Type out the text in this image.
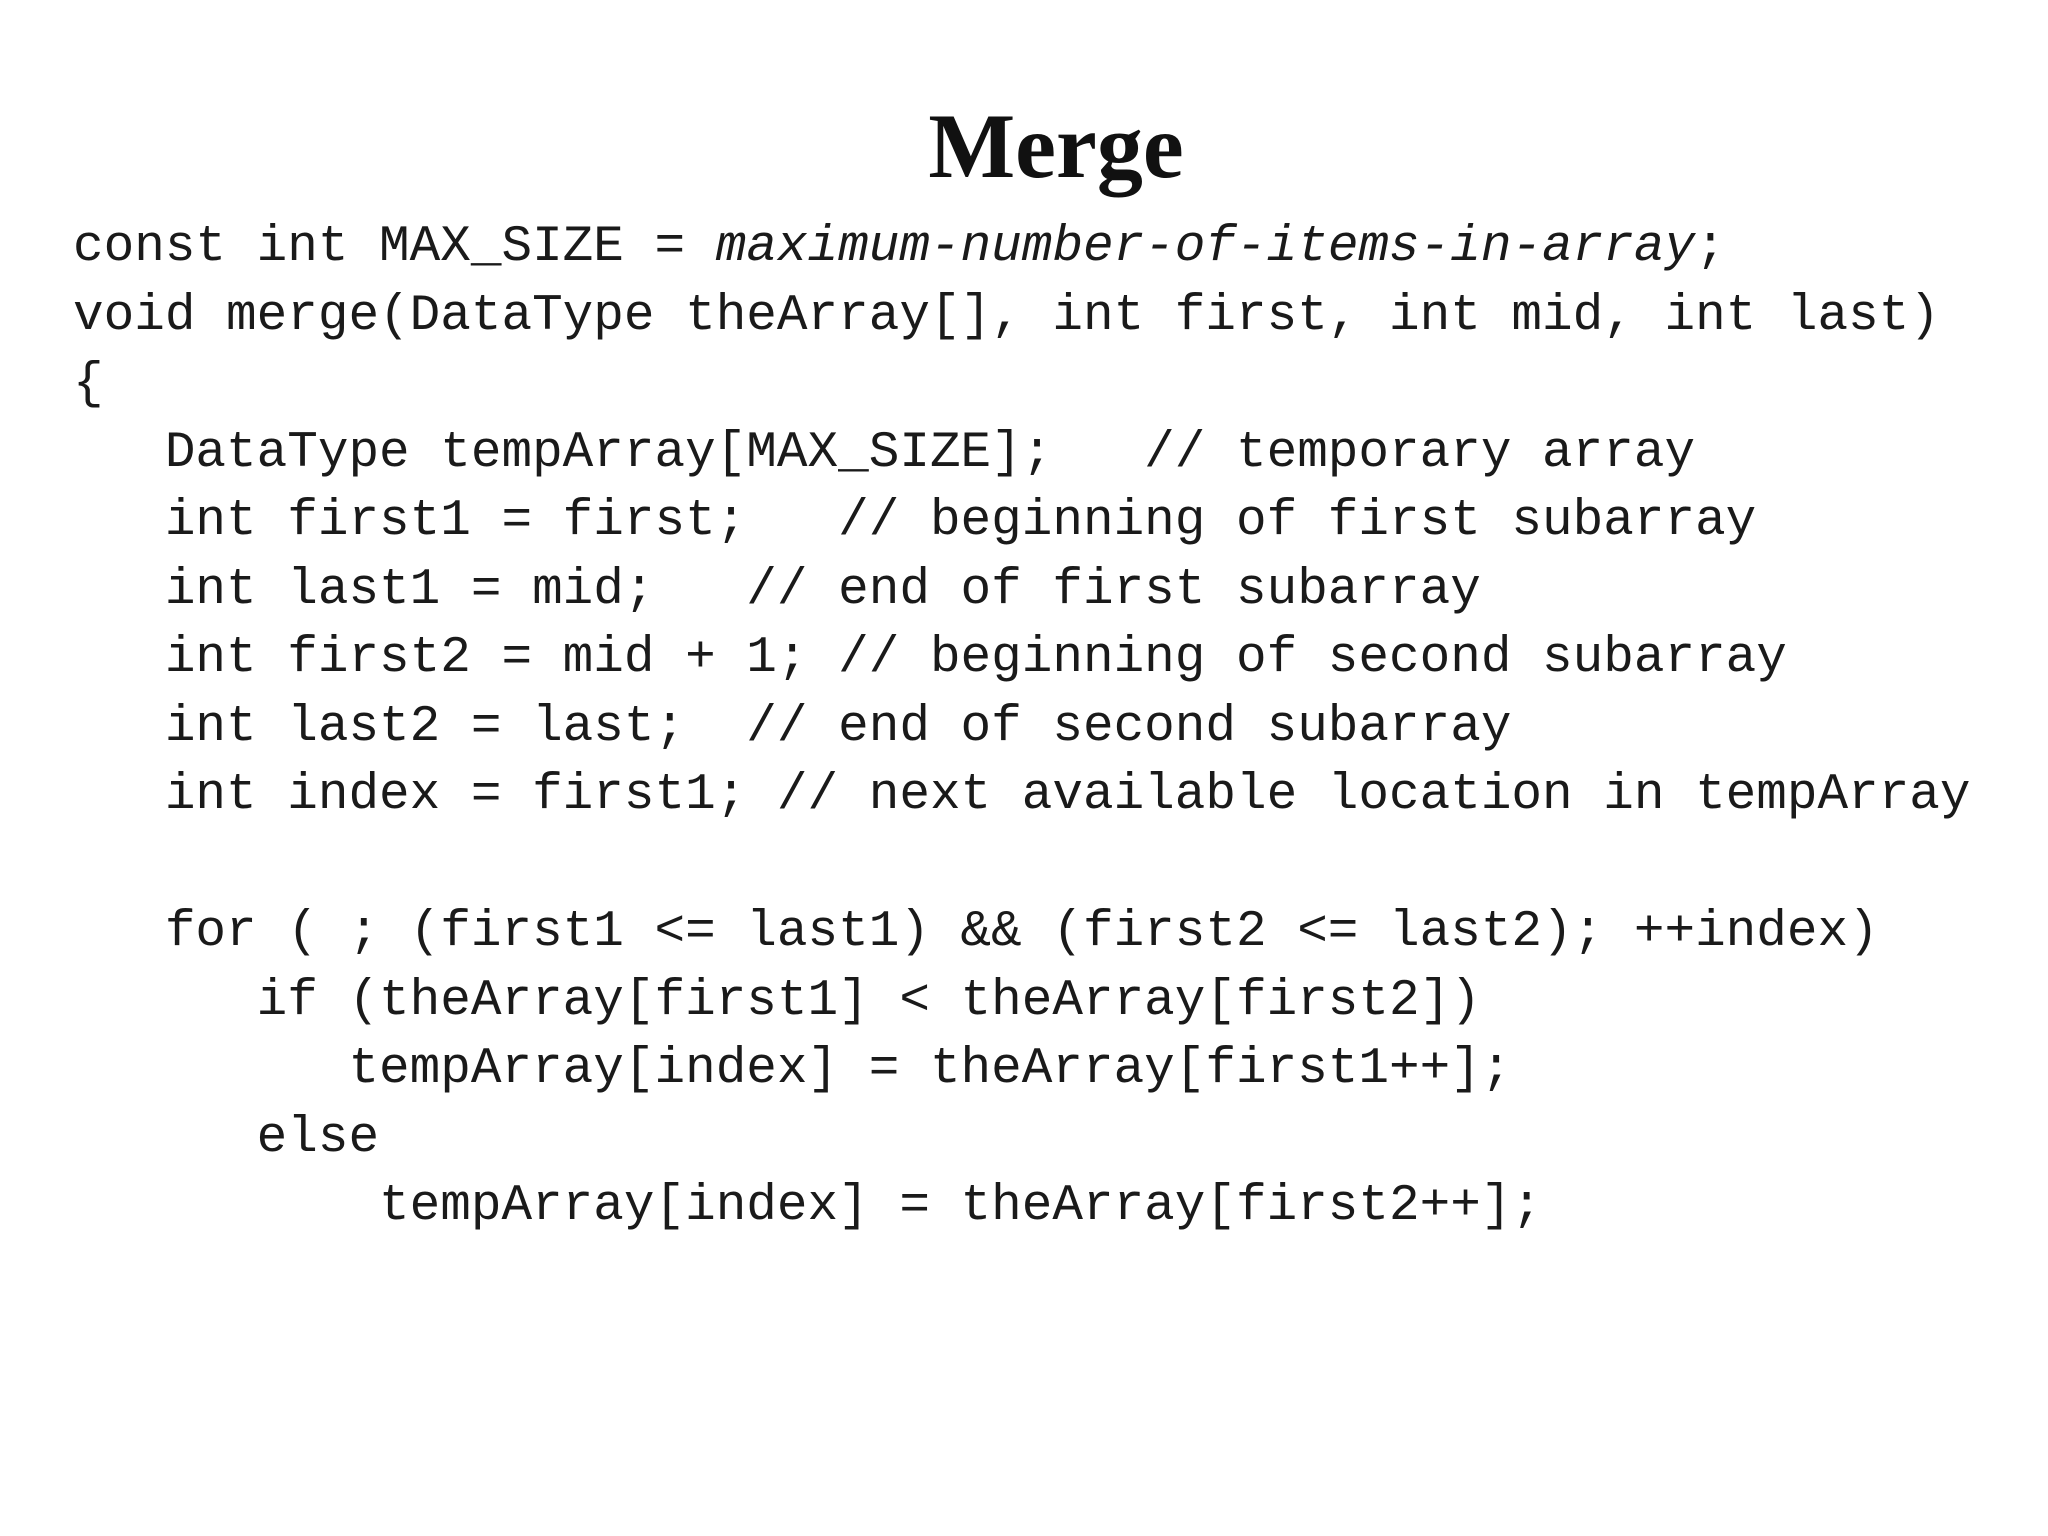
Merge
const int MAX_SIZE = maximum-number-of-items-in-array;
void merge(DataType theArray[], int first, int mid, int last)
{
DataType tempArray[MAX_SIZE];   // temporary array
int first1 = first;   // beginning of first subarray
int last1 = mid;   // end of first subarray
int first2 = mid + 1; // beginning of second subarray
int last2 = last;  // end of second subarray
int index = first1; // next available location in tempArray
for ( ; (first1 <= last1) && (first2 <= last2); ++index)
if (theArray[first1] < theArray[first2])
tempArray[index] = theArray[first1++];
else
tempArray[index] = theArray[first2++];
